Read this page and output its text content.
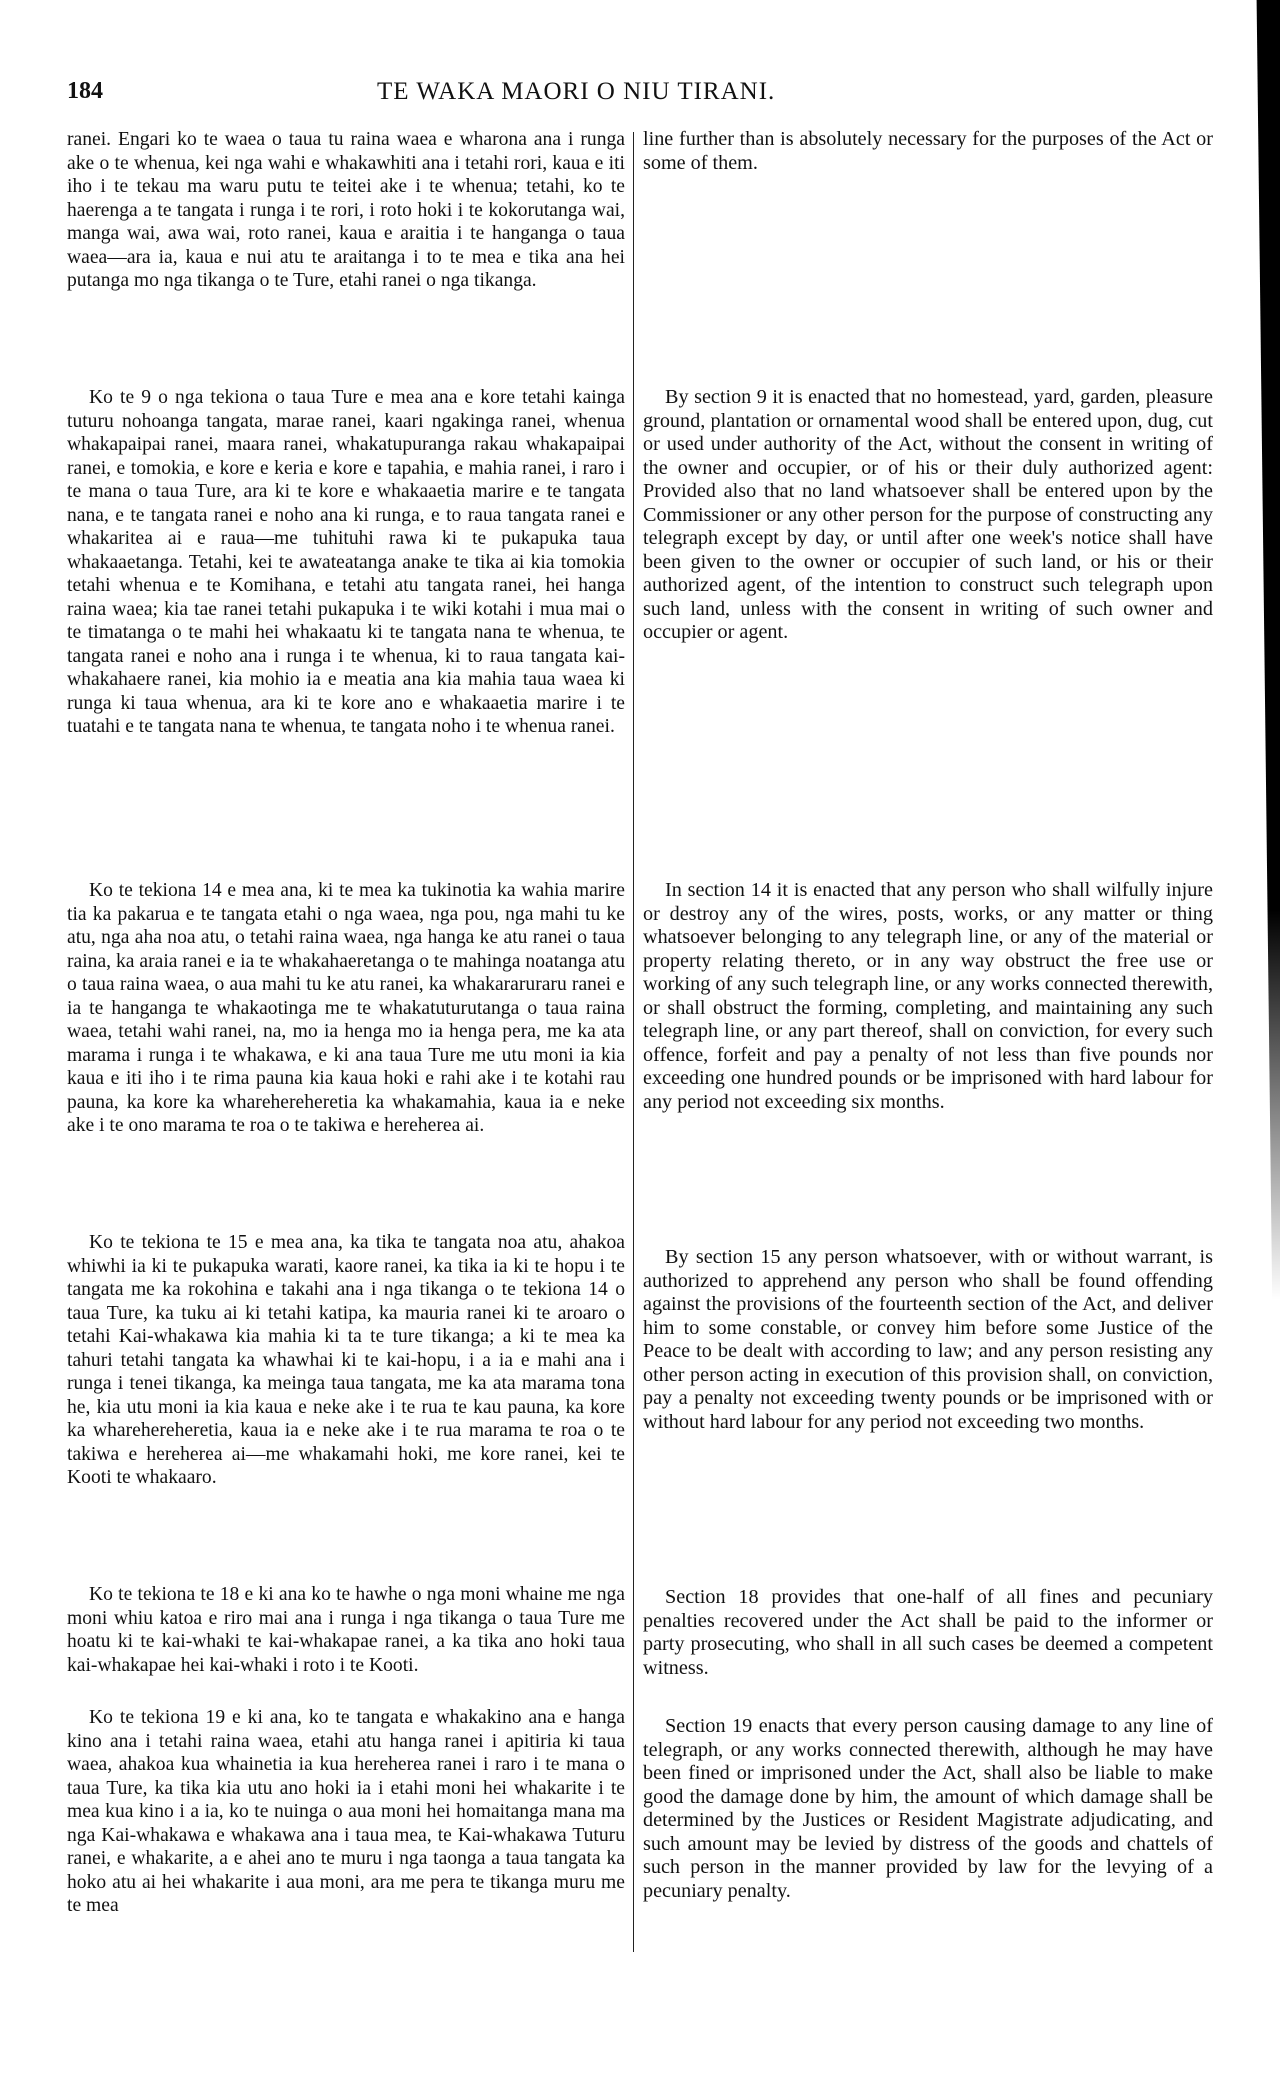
184	TE WAKA MAORI O NIU TIRANI.

ranei. Engari ko te waea o taua tu raina waea e wharona ana i runga ake o te whenua, kei nga wahi e whakawhiti ana i tetahi rori, kaua e iti iho i te tekau ma waru putu te teitei ake i te whenua; tetahi, ko te haerenga a te tangata i runga i te rori, i roto hoki i te kokorutanga wai, manga wai, awa wai, roto ranei, kaua e araitia i te hanganga o taua waea—ara ia, kaua e nui atu te araitanga i to te mea e tika ana hei putanga mo nga tikanga o te Ture, etahi ranei o nga tikanga.

Ko te 9 o nga tekiona o taua Ture e mea ana e kore tetahi kainga tuturu nohoanga tangata, marae ranei, kaari ngakinga ranei, whenua whakapaipai ranei, maara ranei, whakatupuranga rakau whakapaipai ranei, e tomokia, e kore e keria e kore e tapahia, e mahia ranei, i raro i te mana o taua Ture, ara ki te kore e whakaaetia marire e te tangata nana, e te tangata ranei e noho ana ki runga, e to raua tangata ranei e whakaritea ai e raua—me tuhituhi rawa ki te pukapuka taua whakaaetanga. Tetahi, kei te awateatanga anake te tika ai kia tomokia tetahi whenua e te Komihana, e tetahi atu tangata ranei, hei hanga raina waea; kia tae ranei tetahi pukapuka i te wiki kotahi i mua mai o te timatanga o te mahi hei whakaatu ki te tangata nana te whenua, te tangata ranei e noho ana i runga i te whenua, ki to raua tangata kai-whakahaere ranei, kia mohio ia e meatia ana kia mahia taua waea ki runga ki taua whenua, ara ki te kore ano e whakaaetia marire i te tuatahi e te tangata nana te whenua, te tangata noho i te whenua ranei.

Ko te tekiona 14 e mea ana, ki te mea ka tukinotia ka wahia marire tia ka pakarua e te tangata etahi o nga waea, nga pou, nga mahi tu ke atu, nga aha noa atu, o tetahi raina waea, nga hanga ke atu ranei o taua raina, ka araia ranei e ia te whakahaeretanga o te mahinga noatanga atu o taua raina waea, o aua mahi tu ke atu ranei, ka whakararuraru ranei e ia te hanganga te whakaotinga me te whakatuturutanga o taua raina waea, tetahi wahi ranei, na, mo ia henga mo ia henga pera, me ka ata marama i runga i te whakawa, e ki ana taua Ture me utu moni ia kia kaua e iti iho i te rima pauna kia kaua hoki e rahi ake i te kotahi rau pauna, ka kore ka wharehereheretia ka whakamahia, kaua ia e neke ake i te ono marama te roa o te takiwa e hereherea ai.

Ko te tekiona te 15 e mea ana, ka tika te tangata noa atu, ahakoa whiwhi ia ki te pukapuka warati, kaore ranei, ka tika ia ki te hopu i te tangata me ka rokohina e takahi ana i nga tikanga o te tekiona 14 o taua Ture, ka tuku ai ki tetahi katipa, ka mauria ranei ki te aroaro o tetahi Kai-whakawa kia mahia ki ta te ture tikanga; a ki te mea ka tahuri tetahi tangata ka whawhai ki te kai-hopu, i a ia e mahi ana i runga i tenei tikanga, ka meinga taua tangata, me ka ata marama tona he, kia utu moni ia kia kaua e neke ake i te rua te kau pauna, ka kore ka wharehereheretia, kaua ia e neke ake i te rua marama te roa o te takiwa e hereherea ai—me whakamahi hoki, me kore ranei, kei te Kooti te whakaaro.

Ko te tekiona te 18 e ki ana ko te hawhe o nga moni whaine me nga moni whiu katoa e riro mai ana i runga i nga tikanga o taua Ture me hoatu ki te kai-whaki te kai-whakapae ranei, a ka tika ano hoki taua kai-whakapae hei kai-whaki i roto i te Kooti.

Ko te tekiona 19 e ki ana, ko te tangata e whakakino ana e hanga kino ana i tetahi raina waea, etahi atu hanga ranei i apitiria ki taua waea, ahakoa kua whainetia ia kua hereherea ranei i raro i te mana o taua Ture, ka tika kia utu ano hoki ia i etahi moni hei whakarite i te mea kua kino i a ia, ko te nuinga o aua moni hei homaitanga mana ma nga Kai-whakawa e whakawa ana i taua mea, te Kai-whakawa Tuturu ranei, e whakarite, a e ahei ano te muru i nga taonga a taua tangata ka hoko atu ai hei whakarite i aua moni, ara me pera te tikanga muru me te mea

line further than is absolutely necessary for the purposes of the Act or some of them.

By section 9 it is enacted that no homestead, yard, garden, pleasure ground, plantation or ornamental wood shall be entered upon, dug, cut or used under authority of the Act, without the consent in writing of the owner and occupier, or of his or their duly authorized agent: Provided also that no land whatsoever shall be entered upon by the Commissioner or any other person for the purpose of constructing any telegraph except by day, or until after one week's notice shall have been given to the owner or occupier of such land, or his or their authorized agent, of the intention to construct such telegraph upon such land, unless with the consent in writing of such owner and occupier or agent.

In section 14 it is enacted that any person who shall wilfully injure or destroy any of the wires, posts, works, or any matter or thing whatsoever belonging to any telegraph line, or any of the material or property relating thereto, or in any way obstruct the free use or working of any such telegraph line, or any works connected therewith, or shall obstruct the forming, completing, and maintaining any such telegraph line, or any part thereof, shall on conviction, for every such offence, forfeit and pay a penalty of not less than five pounds nor exceeding one hundred pounds or be imprisoned with hard labour for any period not exceeding six months.

By section 15 any person whatsoever, with or without warrant, is authorized to apprehend any person who shall be found offending against the provisions of the fourteenth section of the Act, and deliver him to some constable, or convey him before some Justice of the Peace to be dealt with according to law; and any person resisting any other person acting in execution of this provision shall, on conviction, pay a penalty not exceeding twenty pounds or be imprisoned with or without hard labour for any period not exceeding two months.

Section 18 provides that one-half of all fines and pecuniary penalties recovered under the Act shall be paid to the informer or party prosecuting, who shall in all such cases be deemed a competent witness.

Section 19 enacts that every person causing damage to any line of telegraph, or any works connected therewith, although he may have been fined or imprisoned under the Act, shall also be liable to make good the damage done by him, the amount of which damage shall be determined by the Justices or Resident Magistrate adjudicating, and such amount may be levied by distress of the goods and chattels of such person in the manner provided by law for the levying of a pecuniary penalty.
